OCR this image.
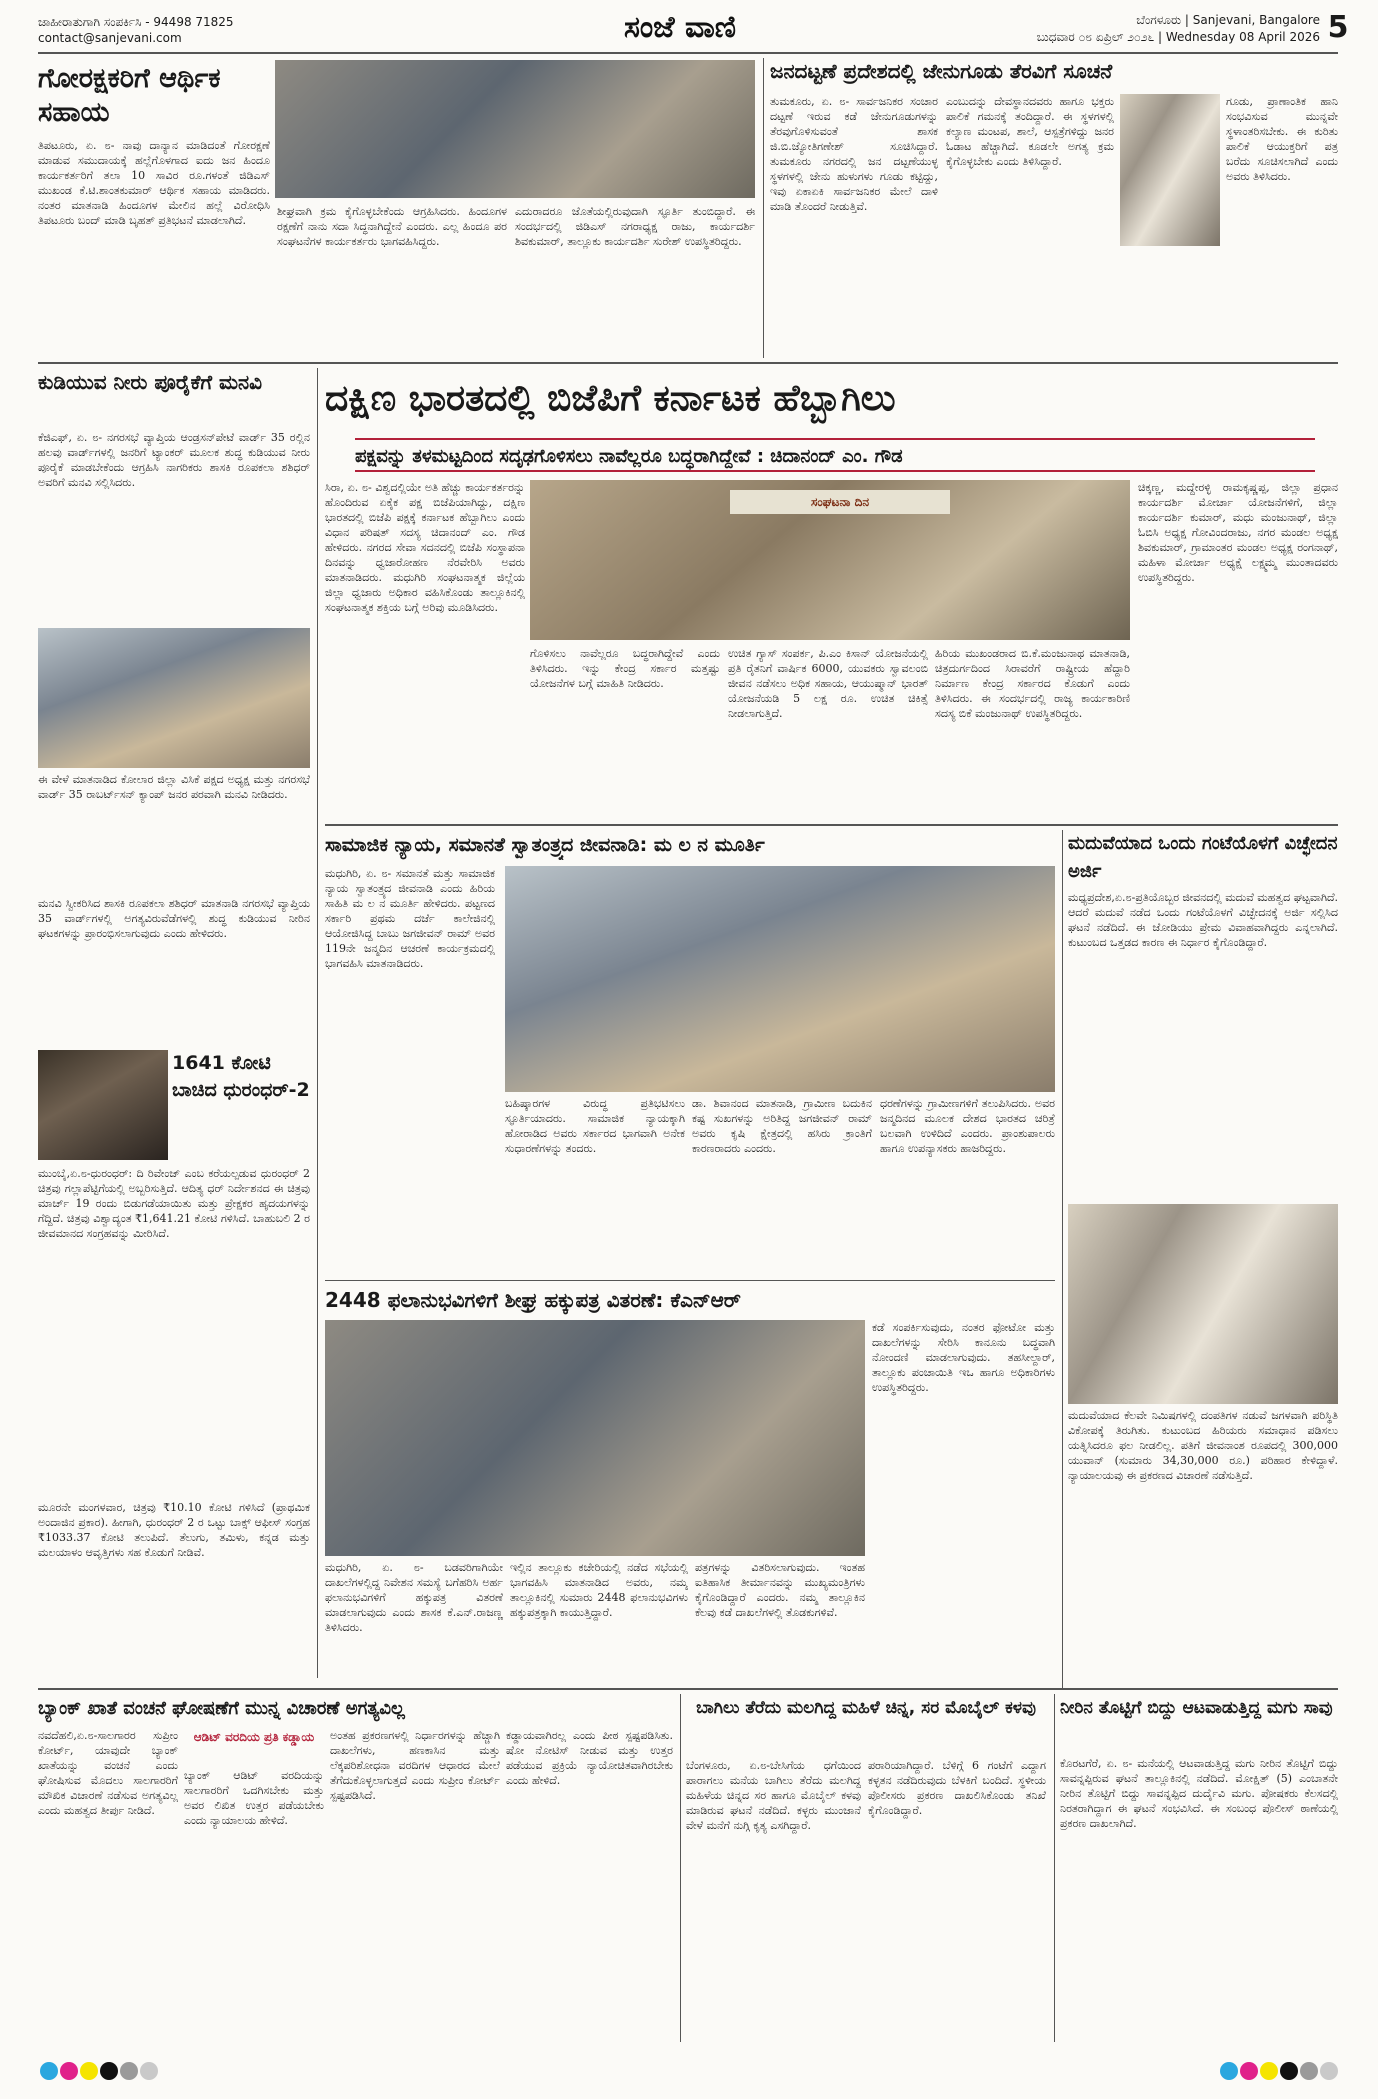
ಜಾಹೀರಾತುಗಾಗಿ ಸಂಪರ್ಕಿಸಿ - 94498 71825
contact@sanjevani.com	ಸಂಜೆ ವಾಣಿ	ಬೆಂಗಳೂರು | Sanjevani, Bangalore
ಬುಧವಾರ ೦೮ ಏಪ್ರಿಲ್ ೨೦೨೬ | Wednesday 08 April 2026 5
ಗೋರಕ್ಷಕರಿಗೆ ಆರ್ಥಿಕ ಸಹಾಯ
ತಿಪಟೂರು, ಏ. ೮- ನಾವು ದಾನ್ಯಾನ ಮಾಡಿದಂತೆ ಗೋರಕ್ಷಣೆ ಮಾಡುವ ಸಮುದಾಯಕ್ಕೆ ಹಲ್ಲೆಗೊಳಗಾದ ಐದು ಜನ ಹಿಂದೂ ಕಾರ್ಯಕರ್ತರಿಗೆ ತಲಾ 10 ಸಾವಿರ ರೂ.ಗಳಂತೆ ಜಿಡಿಎಸ್ ಮುಖಂಡ ಕೆ.ಟಿ.ಶಾಂತಕುಮಾರ್ ಆರ್ಥಿಕ ಸಹಾಯ ಮಾಡಿದರು. ನಂತರ ಮಾತನಾಡಿ ಹಿಂದೂಗಳ ಮೇಲಿನ ಹಲ್ಲೆ ವಿರೋಧಿಸಿ ತಿಪಟೂರು ಬಂದ್ ಮಾಡಿ ಬೃಹತ್ ಪ್ರತಿಭಟನೆ ಮಾಡಲಾಗಿದೆ.
ಶೀಘ್ರವಾಗಿ ಕ್ರಮ ಕೈಗೊಳ್ಳಬೇಕೆಂದು ಆಗ್ರಹಿಸಿದರು. ಹಿಂದೂಗಳ ರಕ್ಷಣೆಗೆ ನಾನು ಸದಾ ಸಿದ್ಧನಾಗಿದ್ದೇನೆ ಎಂದರು. ಎಲ್ಲ ಹಿಂದೂ ಪರ ಸಂಘಟನೆಗಳ ಕಾರ್ಯಕರ್ತರು ಭಾಗವಹಿಸಿದ್ದರು.
ಎದುರಾದರೂ ಜೊತೆಯಲ್ಲಿರುವುದಾಗಿ ಸ್ಫೂರ್ತಿ ತುಂಬಿದ್ದಾರೆ. ಈ ಸಂದರ್ಭದಲ್ಲಿ ಜಿಡಿಎಸ್ ನಗರಾಧ್ಯಕ್ಷ ರಾಜು, ಕಾರ್ಯದರ್ಶಿ ಶಿವಕುಮಾರ್, ತಾಲ್ಲೂಕು ಕಾರ್ಯದರ್ಶಿ ಸುರೇಶ್ ಉಪಸ್ಥಿತರಿದ್ದರು.
ಜನದಟ್ಟಣೆ ಪ್ರದೇಶದಲ್ಲಿ ಜೇನುಗೂಡು ತೆರವಿಗೆ ಸೂಚನೆ
ತುಮಕೂರು, ಏ. ೮- ಸಾರ್ವಜನಿಕರ ಸಂಚಾರ ದಟ್ಟಣೆ ಇರುವ ಕಡೆ ಜೇನುಗೂಡುಗಳನ್ನು ತೆರವುಗೊಳಿಸುವಂತೆ ಶಾಸಕ ಜಿ.ಬಿ.ಜ್ಯೋತಿಗಣೇಶ್ ಸೂಚಿಸಿದ್ದಾರೆ. ತುಮಕೂರು ನಗರದಲ್ಲಿ ಜನ ದಟ್ಟಣೆಯುಳ್ಳ ಸ್ಥಳಗಳಲ್ಲಿ ಜೇನು ಹುಳುಗಳು ಗೂಡು ಕಟ್ಟಿದ್ದು, ಇವು ಏಕಾಏಕಿ ಸಾರ್ವಜನಿಕರ ಮೇಲೆ ದಾಳಿ ಮಾಡಿ ತೊಂದರೆ ನೀಡುತ್ತಿವೆ.
ಎಂಬುದನ್ನು ದೇವಸ್ಥಾನದವರು ಹಾಗೂ ಭಕ್ತರು ಪಾಲಿಕೆ ಗಮನಕ್ಕೆ ತಂದಿದ್ದಾರೆ. ಈ ಸ್ಥಳಗಳಲ್ಲಿ ಕಲ್ಯಾಣ ಮಂಟಪ, ಶಾಲೆ, ಆಸ್ಪತ್ರೆಗಳಿದ್ದು ಜನರ ಓಡಾಟ ಹೆಚ್ಚಾಗಿದೆ. ಕೂಡಲೇ ಅಗತ್ಯ ಕ್ರಮ ಕೈಗೊಳ್ಳಬೇಕು ಎಂದು ತಿಳಿಸಿದ್ದಾರೆ.
ಗೂಡು, ಪ್ರಾಣಾಂತಿಕ ಹಾನಿ ಸಂಭವಿಸುವ ಮುನ್ನವೇ ಸ್ಥಳಾಂತರಿಸಬೇಕು. ಈ ಕುರಿತು ಪಾಲಿಕೆ ಆಯುಕ್ತರಿಗೆ ಪತ್ರ ಬರೆದು ಸೂಚಿಸಲಾಗಿದೆ ಎಂದು ಅವರು ತಿಳಿಸಿದರು.
ಕುಡಿಯುವ ನೀರು ಪೂರೈಕೆಗೆ ಮನವಿ
ಕೆಜಿಎಫ್, ಏ. ೮- ನಗರಸಭೆ ವ್ಯಾಪ್ತಿಯ ಆಂಡ್ರಸನ್‌ಪೇಟೆ ವಾರ್ಡ್ 35 ರಲ್ಲಿನ ಹಲವು ವಾರ್ಡ್‌ಗಳಲ್ಲಿ ಜನರಿಗೆ ಟ್ಯಾಂಕರ್ ಮೂಲಕ ಶುದ್ಧ ಕುಡಿಯುವ ನೀರು ಪೂರೈಕೆ ಮಾಡಬೇಕೆಂದು ಆಗ್ರಹಿಸಿ ನಾಗರಿಕರು ಶಾಸಕಿ ರೂಪಕಲಾ ಶಶಿಧರ್ ಅವರಿಗೆ ಮನವಿ ಸಲ್ಲಿಸಿದರು.
ಈ ವೇಳೆ ಮಾತನಾಡಿದ ಕೋಲಾರ ಜಿಲ್ಲಾ ವಿಸಿಕೆ ಪಕ್ಷದ ಅಧ್ಯಕ್ಷ ಮತ್ತು ನಗರಸಭೆ ವಾರ್ಡ್ 35 ರಾಬರ್ಟ್‌ಸನ್ ಕ್ಯಾಂಪ್ ಜನರ ಪರವಾಗಿ ಮನವಿ ನೀಡಿದರು.
ಮನವಿ ಸ್ವೀಕರಿಸಿದ ಶಾಸಕಿ ರೂಪಕಲಾ ಶಶಿಧರ್ ಮಾತನಾಡಿ ನಗರಸಭೆ ವ್ಯಾಪ್ತಿಯ 35 ವಾರ್ಡ್‌ಗಳಲ್ಲಿ ಅಗತ್ಯವಿರುವೆಡೆಗಳಲ್ಲಿ ಶುದ್ಧ ಕುಡಿಯುವ ನೀರಿನ ಘಟಕಗಳನ್ನು ಪ್ರಾರಂಭಿಸಲಾಗುವುದು ಎಂದು ಹೇಳಿದರು.
ದಕ್ಷಿಣ ಭಾರತದಲ್ಲಿ ಬಿಜೆಪಿಗೆ ಕರ್ನಾಟಕ ಹೆಬ್ಬಾಗಿಲು
ಪಕ್ಷವನ್ನು ತಳಮಟ್ಟದಿಂದ ಸದೃಢಗೊಳಿಸಲು ನಾವೆಲ್ಲರೂ ಬದ್ಧರಾಗಿದ್ದೇವೆ : ಚಿದಾನಂದ್ ಎಂ. ಗೌಡ
ಸಿರಾ, ಏ. ೮- ವಿಶ್ವದಲ್ಲಿಯೇ ಅತಿ ಹೆಚ್ಚು ಕಾರ್ಯಕರ್ತರನ್ನು ಹೊಂದಿರುವ ಏಕೈಕ ಪಕ್ಷ ಬಿಜೆಪಿಯಾಗಿದ್ದು, ದಕ್ಷಿಣ ಭಾರತದಲ್ಲಿ ಬಿಜೆಪಿ ಪಕ್ಷಕ್ಕೆ ಕರ್ನಾಟಕ ಹೆಬ್ಬಾಗಿಲು ಎಂದು ವಿಧಾನ ಪರಿಷತ್ ಸದಸ್ಯ ಚಿದಾನಂದ್ ಎಂ. ಗೌಡ ಹೇಳಿದರು. ನಗರದ ಸೇವಾ ಸದನದಲ್ಲಿ ಬಿಜೆಪಿ ಸಂಸ್ಥಾಪನಾ ದಿನವನ್ನು ಧ್ವಜಾರೋಹಣ ನೆರವೇರಿಸಿ ಅವರು ಮಾತನಾಡಿದರು. ಮಧುಗಿರಿ ಸಂಘಟನಾತ್ಮಕ ಜಿಲ್ಲೆಯ ಜಿಲ್ಲಾ ಧ್ವಜಾರು ಅಧಿಕಾರ ವಹಿಸಿಕೊಂಡು ತಾಲ್ಲೂಕಿನಲ್ಲಿ ಸಂಘಟನಾತ್ಮಕ ಶಕ್ತಿಯ ಬಗ್ಗೆ ಅರಿವು ಮೂಡಿಸಿದರು.
ಸಂಘಟನಾ ದಿನ
ಗೊಳಿಸಲು ನಾವೆಲ್ಲರೂ ಬದ್ಧರಾಗಿದ್ದೇವೆ ಎಂದು ತಿಳಿಸಿದರು. ಇನ್ನು ಕೇಂದ್ರ ಸರ್ಕಾರ ಮತ್ತಷ್ಟು ಯೋಜನೆಗಳ ಬಗ್ಗೆ ಮಾಹಿತಿ ನೀಡಿದರು.
ಉಚಿತ ಗ್ಯಾಸ್ ಸಂಪರ್ಕ, ಪಿ.ಎಂ ಕಿಸಾನ್ ಯೋಜನೆಯಲ್ಲಿ ಪ್ರತಿ ರೈತನಿಗೆ ವಾರ್ಷಿಕ 6000, ಯುವಕರು ಸ್ವಾವಲಂಬಿ ಜೀವನ ನಡೆಸಲು ಅಧಿಕ ಸಹಾಯ, ಆಯುಷ್ಮಾನ್ ಭಾರತ್ ಯೋಜನೆಯಡಿ 5 ಲಕ್ಷ ರೂ. ಉಚಿತ ಚಿಕಿತ್ಸೆ ನೀಡಲಾಗುತ್ತಿದೆ.
ಹಿರಿಯ ಮುಖಂಡರಾದ ಬಿ.ಕೆ.ಮಂಜುನಾಥ ಮಾತನಾಡಿ, ಚಿತ್ರದುರ್ಗದಿಂದ ಸಿರಾವರೆಗೆ ರಾಷ್ಟ್ರೀಯ ಹೆದ್ದಾರಿ ನಿರ್ಮಾಣ ಕೇಂದ್ರ ಸರ್ಕಾರದ ಕೊಡುಗೆ ಎಂದು ತಿಳಿಸಿದರು. ಈ ಸಂದರ್ಭದಲ್ಲಿ ರಾಜ್ಯ ಕಾರ್ಯಕಾರಿಣಿ ಸದಸ್ಯ ಬಿಕೆ ಮಂಜುನಾಥ್ ಉಪಸ್ಥಿತರಿದ್ದರು.
ಚಿಕ್ಕಣ್ಣ, ಮದ್ದೇರಳ್ಳಿ ರಾಮಕೃಷ್ಣಪ್ಪ, ಜಿಲ್ಲಾ ಪ್ರಧಾನ ಕಾರ್ಯದರ್ಶಿ ಮೋರ್ಚಾ ಯೋಜನೆಗಳಿಗೆ, ಜಿಲ್ಲಾ ಕಾರ್ಯದರ್ಶಿ ಕುಮಾರ್, ಮಧು ಮಂಜುನಾಥ್, ಜಿಲ್ಲಾ ಓಬಿಸಿ ಅಧ್ಯಕ್ಷ ಗೋವಿಂದರಾಜು, ನಗರ ಮಂಡಲ ಅಧ್ಯಕ್ಷ ಶಿವಕುಮಾರ್, ಗ್ರಾಮಾಂತರ ಮಂಡಲ ಅಧ್ಯಕ್ಷ ರಂಗನಾಥ್, ಮಹಿಳಾ ಮೋರ್ಚಾ ಅಧ್ಯಕ್ಷೆ ಲಕ್ಷ್ಮಮ್ಮ ಮುಂತಾದವರು ಉಪಸ್ಥಿತರಿದ್ದರು.
1641 ಕೋಟಿ ಬಾಚಿದ ಧುರಂಧರ್-2
ಮುಂಬೈ,ಏ.೮-ಧುರಂಧರ್: ದಿ ರಿವೇಂಜ್ ಎಂಬ ಕರೆಯಲ್ಪಡುವ ಧುರಂಧರ್ 2 ಚಿತ್ರವು ಗಲ್ಲಾಪೆಟ್ಟಿಗೆಯಲ್ಲಿ ಅಬ್ಬರಿಸುತ್ತಿದೆ. ಆದಿತ್ಯ ಧರ್ ನಿರ್ದೇಶನದ ಈ ಚಿತ್ರವು ಮಾರ್ಚ್ 19 ರಂದು ಬಿಡುಗಡೆಯಾಯಿತು ಮತ್ತು ಪ್ರೇಕ್ಷಕರ ಹೃದಯಗಳನ್ನು ಗೆದ್ದಿದೆ. ಚಿತ್ರವು ವಿಶ್ವಾದ್ಯಂತ ₹1,641.21 ಕೋಟಿ ಗಳಿಸಿದೆ. ಬಾಹುಬಲಿ 2 ರ ಜೀವಮಾನದ ಸಂಗ್ರಹವನ್ನು ಮೀರಿಸಿದೆ.
ಮೂರನೇ ಮಂಗಳವಾರ, ಚಿತ್ರವು ₹10.10 ಕೋಟಿ ಗಳಿಸಿದೆ (ಪ್ರಾಥಮಿಕ ಅಂದಾಜಿನ ಪ್ರಕಾರ). ಹೀಗಾಗಿ, ಧುರಂಧರ್ 2 ರ ಒಟ್ಟು ಬಾಕ್ಸ್ ಆಫೀಸ್ ಸಂಗ್ರಹ ₹1033.37 ಕೋಟಿ ತಲುಪಿದೆ. ತೆಲುಗು, ತಮಿಳು, ಕನ್ನಡ ಮತ್ತು ಮಲಯಾಳಂ ಆವೃತ್ತಿಗಳು ಸಹ ಕೊಡುಗೆ ನೀಡಿವೆ.
ಸಾಮಾಜಿಕ ನ್ಯಾಯ, ಸಮಾನತೆ ಸ್ವಾತಂತ್ರ್ಯದ ಜೀವನಾಡಿ: ಮ ಲ ನ ಮೂರ್ತಿ
ಮಧುಗಿರಿ, ಏ. ೮- ಸಮಾನತೆ ಮತ್ತು ಸಾಮಾಜಿಕ ನ್ಯಾಯ ಸ್ವಾತಂತ್ರ್ಯದ ಜೀವನಾಡಿ ಎಂದು ಹಿರಿಯ ಸಾಹಿತಿ ಮ ಲ ನ ಮೂರ್ತಿ ಹೇಳಿದರು. ಪಟ್ಟಣದ ಸರ್ಕಾರಿ ಪ್ರಥಮ ದರ್ಜೆ ಕಾಲೇಜಿನಲ್ಲಿ ಆಯೋಜಿಸಿದ್ದ ಬಾಬು ಜಗಜೀವನ್ ರಾಮ್ ಅವರ 119ನೇ ಜನ್ಮದಿನ ಆಚರಣೆ ಕಾರ್ಯಕ್ರಮದಲ್ಲಿ ಭಾಗವಹಿಸಿ ಮಾತನಾಡಿದರು.
ಬಹಿಷ್ಕಾರಗಳ ವಿರುದ್ಧ ಪ್ರತಿಭಟಿಸಲು ಸ್ಫೂರ್ತಿಯಾದರು. ಸಾಮಾಜಿಕ ನ್ಯಾಯಕ್ಕಾಗಿ ಹೋರಾಡಿದ ಅವರು ಸರ್ಕಾರದ ಭಾಗವಾಗಿ ಅನೇಕ ಸುಧಾರಣೆಗಳನ್ನು ತಂದರು.
ಡಾ. ಶಿವಾನಂದ ಮಾತನಾಡಿ, ಗ್ರಾಮೀಣ ಬದುಕಿನ ಕಷ್ಟ ಸುಖಗಳನ್ನು ಅರಿತಿದ್ದ ಜಗಜೀವನ್ ರಾಮ್ ಅವರು ಕೃಷಿ ಕ್ಷೇತ್ರದಲ್ಲಿ ಹಸಿರು ಕ್ರಾಂತಿಗೆ ಕಾರಣರಾದರು ಎಂದರು.
ಧರಣೆಗಳನ್ನು ಗ್ರಾಮೀಣಗಳಿಗೆ ತಲುಪಿಸಿದರು. ಅವರ ಜನ್ಮದಿನದ ಮೂಲಕ ದೇಶದ ಭಾರತದ ಚರಿತ್ರೆ ಬಲವಾಗಿ ಉಳಿದಿದೆ ಎಂದರು. ಪ್ರಾಂಶುಪಾಲರು ಹಾಗೂ ಉಪನ್ಯಾಸಕರು ಹಾಜರಿದ್ದರು.
ಮದುವೆಯಾದ ಒಂದು ಗಂಟೆಯೊಳಗೆ ವಿಚ್ಛೇದನ ಅರ್ಜಿ
ಮಧ್ಯಪ್ರದೇಶ,ಏ.೮-ಪ್ರತಿಯೊಬ್ಬರ ಜೀವನದಲ್ಲಿ ಮದುವೆ ಮಹತ್ವದ ಘಟ್ಟವಾಗಿದೆ. ಆದರೆ ಮದುವೆ ನಡೆದ ಒಂದು ಗಂಟೆಯೊಳಗೆ ವಿಚ್ಛೇದನಕ್ಕೆ ಅರ್ಜಿ ಸಲ್ಲಿಸಿದ ಘಟನೆ ನಡೆದಿದೆ. ಈ ಜೋಡಿಯು ಪ್ರೇಮ ವಿವಾಹವಾಗಿದ್ದರು ಎನ್ನಲಾಗಿದೆ. ಕುಟುಂಬದ ಒತ್ತಡದ ಕಾರಣ ಈ ನಿರ್ಧಾರ ಕೈಗೊಂಡಿದ್ದಾರೆ.
ಮದುವೆಯಾದ ಕೆಲವೇ ನಿಮಿಷಗಳಲ್ಲಿ ದಂಪತಿಗಳ ನಡುವೆ ಜಗಳವಾಗಿ ಪರಿಸ್ಥಿತಿ ವಿಕೋಪಕ್ಕೆ ತಿರುಗಿತು. ಕುಟುಂಬದ ಹಿರಿಯರು ಸಮಾಧಾನ ಪಡಿಸಲು ಯತ್ನಿಸಿದರೂ ಫಲ ನೀಡಲಿಲ್ಲ. ಪತಿಗೆ ಜೀವನಾಂಶ ರೂಪದಲ್ಲಿ 300,000 ಯುವಾನ್ (ಸುಮಾರು 34,30,000 ರೂ.) ಪರಿಹಾರ ಕೇಳಿದ್ದಾಳೆ. ನ್ಯಾಯಾಲಯವು ಈ ಪ್ರಕರಣದ ವಿಚಾರಣೆ ನಡೆಸುತ್ತಿದೆ.
2448 ಫಲಾನುಭವಿಗಳಿಗೆ ಶೀಘ್ರ ಹಕ್ಕುಪತ್ರ ವಿತರಣೆ: ಕೆಎನ್‌ಆರ್
ಕಡೆ ಸಂಪರ್ಕಿಸುವುದು, ನಂತರ ಫೋಟೋ ಮತ್ತು ದಾಖಲೆಗಳನ್ನು ಸೇರಿಸಿ ಕಾನೂನು ಬದ್ಧವಾಗಿ ನೋಂದಣಿ ಮಾಡಲಾಗುವುದು. ತಹಸೀಲ್ದಾರ್, ತಾಲ್ಲೂಕು ಪಂಚಾಯಿತಿ ಇಒ ಹಾಗೂ ಅಧಿಕಾರಿಗಳು ಉಪಸ್ಥಿತರಿದ್ದರು.
ಮಧುಗಿರಿ, ಏ. ೮- ಬಡವರಿಗಾಗಿಯೇ ದಾಖಲೆಗಳಲ್ಲಿದ್ದ ನಿವೇಶನ ಸಮಸ್ಯೆ ಬಗೆಹರಿಸಿ ಅರ್ಹ ಫಲಾನುಭವಿಗಳಿಗೆ ಹಕ್ಕುಪತ್ರ ವಿತರಣೆ ಮಾಡಲಾಗುವುದು ಎಂದು ಶಾಸಕ ಕೆ.ಎನ್.ರಾಜಣ್ಣ ತಿಳಿಸಿದರು.
ಇಲ್ಲಿನ ತಾಲ್ಲೂಕು ಕಚೇರಿಯಲ್ಲಿ ನಡೆದ ಸಭೆಯಲ್ಲಿ ಭಾಗವಹಿಸಿ ಮಾತನಾಡಿದ ಅವರು, ನಮ್ಮ ತಾಲ್ಲೂಕಿನಲ್ಲಿ ಸುಮಾರು 2448 ಫಲಾನುಭವಿಗಳು ಹಕ್ಕುಪತ್ರಕ್ಕಾಗಿ ಕಾಯುತ್ತಿದ್ದಾರೆ.
ಪತ್ರಗಳನ್ನು ವಿತರಿಸಲಾಗುವುದು. ಇಂತಹ ಐತಿಹಾಸಿಕ ತೀರ್ಮಾನವನ್ನು ಮುಖ್ಯಮಂತ್ರಿಗಳು ಕೈಗೊಂಡಿದ್ದಾರೆ ಎಂದರು. ನಮ್ಮ ತಾಲ್ಲೂಕಿನ ಕೆಲವು ಕಡೆ ದಾಖಲೆಗಳಲ್ಲಿ ತೊಡಕುಗಳಿವೆ.
ಬ್ಯಾಂಕ್ ಖಾತೆ ವಂಚನೆ ಘೋಷಣೆಗೆ ಮುನ್ನ ವಿಚಾರಣೆ ಅಗತ್ಯವಿಲ್ಲ
ನವದೆಹಲಿ,ಏ.೮-ಸಾಲಗಾರರ ಸುಪ್ರೀಂ ಕೋರ್ಟ್, ಯಾವುದೇ ಬ್ಯಾಂಕ್ ಖಾತೆಯನ್ನು ವಂಚನೆ ಎಂದು ಘೋಷಿಸುವ ಮೊದಲು ಸಾಲಗಾರರಿಗೆ ಮೌಖಿಕ ವಿಚಾರಣೆ ನಡೆಸುವ ಅಗತ್ಯವಿಲ್ಲ ಎಂದು ಮಹತ್ವದ ತೀರ್ಪು ನೀಡಿದೆ.
ಆಡಿಟ್ ವರದಿಯ ಪ್ರತಿ ಕಡ್ಡಾಯ
ಬ್ಯಾಂಕ್ ಆಡಿಟ್ ವರದಿಯನ್ನು ಸಾಲಗಾರರಿಗೆ ಒದಗಿಸಬೇಕು ಮತ್ತು ಅವರ ಲಿಖಿತ ಉತ್ತರ ಪಡೆಯಬೇಕು ಎಂದು ನ್ಯಾಯಾಲಯ ಹೇಳಿದೆ.
ಅಂತಹ ಪ್ರಕರಣಗಳಲ್ಲಿ ನಿರ್ಧಾರಗಳನ್ನು ಹೆಚ್ಚಾಗಿ ದಾಖಲೆಗಳು, ಹಣಕಾಸಿನ ಮತ್ತು ಲೆಕ್ಕಪರಿಶೋಧನಾ ವರದಿಗಳ ಆಧಾರದ ಮೇಲೆ ತೆಗೆದುಕೊಳ್ಳಲಾಗುತ್ತದೆ ಎಂದು ಸುಪ್ರೀಂ ಕೋರ್ಟ್ ಸ್ಪಷ್ಟಪಡಿಸಿದೆ.
ಕಡ್ಡಾಯವಾಗಿರಲ್ಲ ಎಂದು ಪೀಠ ಸ್ಪಷ್ಟಪಡಿಸಿತು. ಷೋ ನೋಟಿಸ್ ನೀಡುವ ಮತ್ತು ಉತ್ತರ ಪಡೆಯುವ ಪ್ರಕ್ರಿಯೆ ನ್ಯಾಯೋಚಿತವಾಗಿರಬೇಕು ಎಂದು ಹೇಳಿದೆ.
ಬಾಗಿಲು ತೆರೆದು ಮಲಗಿದ್ದ ಮಹಿಳೆ ಚಿನ್ನ, ಸರ ಮೊಬೈಲ್ ಕಳವು
ಬೆಂಗಳೂರು, ಏ.೮-ಬೇಸಿಗೆಯ ಧಗೆಯಿಂದ ಪಾರಾಗಲು ಮನೆಯ ಬಾಗಿಲು ತೆರೆದು ಮಲಗಿದ್ದ ಮಹಿಳೆಯ ಚಿನ್ನದ ಸರ ಹಾಗೂ ಮೊಬೈಲ್ ಕಳವು ಮಾಡಿರುವ ಘಟನೆ ನಡೆದಿದೆ. ಕಳ್ಳರು ಮುಂಜಾನೆ ವೇಳೆ ಮನೆಗೆ ನುಗ್ಗಿ ಕೃತ್ಯ ಎಸಗಿದ್ದಾರೆ.
ಪರಾರಿಯಾಗಿದ್ದಾರೆ. ಬೆಳಿಗ್ಗೆ 6 ಗಂಟೆಗೆ ಎದ್ದಾಗ ಕಳ್ಳತನ ನಡೆದಿರುವುದು ಬೆಳಕಿಗೆ ಬಂದಿದೆ. ಸ್ಥಳೀಯ ಪೊಲೀಸರು ಪ್ರಕರಣ ದಾಖಲಿಸಿಕೊಂಡು ತನಿಖೆ ಕೈಗೊಂಡಿದ್ದಾರೆ.
ನೀರಿನ ತೊಟ್ಟಿಗೆ ಬಿದ್ದು ಆಟವಾಡುತ್ತಿದ್ದ ಮಗು ಸಾವು
ಕೊರಟಗೆರೆ, ಏ. ೮- ಮನೆಯಲ್ಲಿ ಆಟವಾಡುತ್ತಿದ್ದ ಮಗು ನೀರಿನ ತೊಟ್ಟಿಗೆ ಬಿದ್ದು ಸಾವನ್ನಪ್ಪಿರುವ ಘಟನೆ ತಾಲ್ಲೂಕಿನಲ್ಲಿ ನಡೆದಿದೆ. ಮೋಕ್ಷಿತ್ (5) ಎಂಬಾತನೇ ನೀರಿನ ತೊಟ್ಟಿಗೆ ಬಿದ್ದು ಸಾವನ್ನಪ್ಪಿದ ದುರ್ದೈವಿ ಮಗು. ಪೋಷಕರು ಕೆಲಸದಲ್ಲಿ ನಿರತರಾಗಿದ್ದಾಗ ಈ ಘಟನೆ ಸಂಭವಿಸಿದೆ. ಈ ಸಂಬಂಧ ಪೊಲೀಸ್ ಠಾಣೆಯಲ್ಲಿ ಪ್ರಕರಣ ದಾಖಲಾಗಿದೆ.
